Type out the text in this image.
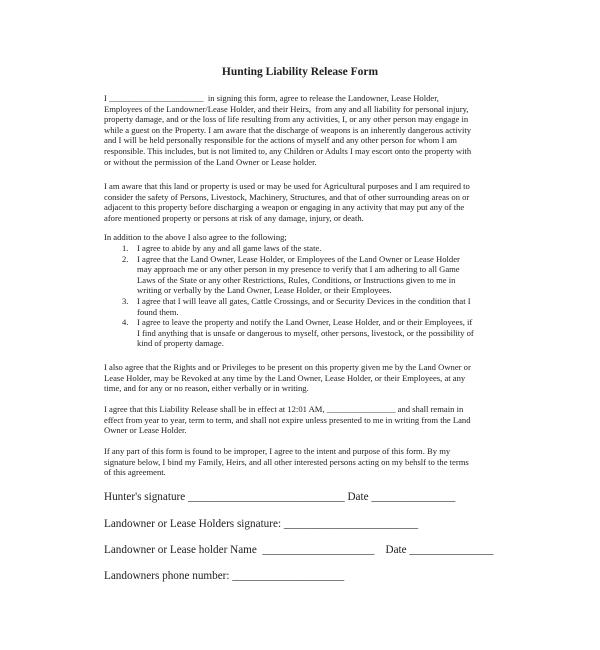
Hunting Liability Release Form

I ______________________  in signing this form, agree to release the Landowner, Lease Holder,
Employees of the Landowner/Lease Holder, and their Heirs,  from any and all liability for personal injury,
property damage, and or the loss of life resulting from any activities, I, or any other person may engage in
while a guest on the Property. I am aware that the discharge of weapons is an inherently dangerous activity
and I will be held personally responsible for the actions of myself and any other person for whom I am
responsible. This includes, but is not limited to, any Children or Adults I may escort onto the property with
or without the permission of the Land Owner or Lease holder.

I am aware that this land or property is used or may be used for Agricultural purposes and I am required to
consider the safety of Persons, Livestock, Machinery, Structures, and that of other surrounding areas on or
adjacent to this property before discharging a weapon or engaging in any activity that may put any of the
afore mentioned property or persons at risk of any damage, injury, or death.

In addition to the above I also agree to the following;

1. I agree to abide by any and all game laws of the state.
2. I agree that the Land Owner, Lease Holder, or Employees of the Land Owner or Lease Holder
may approach me or any other person in my presence to verify that I am adhering to all Game
Laws of the State or any other Restrictions, Rules, Conditions, or Instructions given to me in
writing or verbally by the Land Owner, Lease Holder, or their Employees.
3. I agree that I will leave all gates, Cattle Crossings, and or Security Devices in the condition that I
found them.
4. I agree to leave the property and notify the Land Owner, Lease Holder, and or their Employees, if
I find anything that is unsafe or dangerous to myself, other persons, livestock, or the possibility of
kind of property damage.

I also agree that the Rights and or Privileges to be present on this property given me by the Land Owner or
Lease Holder, may be Revoked at any time by the Land Owner, Lease Holder, or their Employees, at any
time, and for any or no reason, either verbally or in writing.

I agree that this Liability Release shall be in effect at 12:01 AM, ________________ and shall remain in
effect from year to year, term to term, and shall not expire unless presented to me in writing from the Land
Owner or Lease Holder.

If any part of this form is found to be improper, I agree to the intent and purpose of this form. By my
signature below, I bind my Family, Heirs, and all other interested persons acting on my behslf to the terms
of this agreement.

Hunter's signature ____________________________ Date _______________

Landowner or Lease Holders signature: ________________________

Landowner or Lease holder Name  ____________________    Date _______________

Landowners phone number: ____________________
